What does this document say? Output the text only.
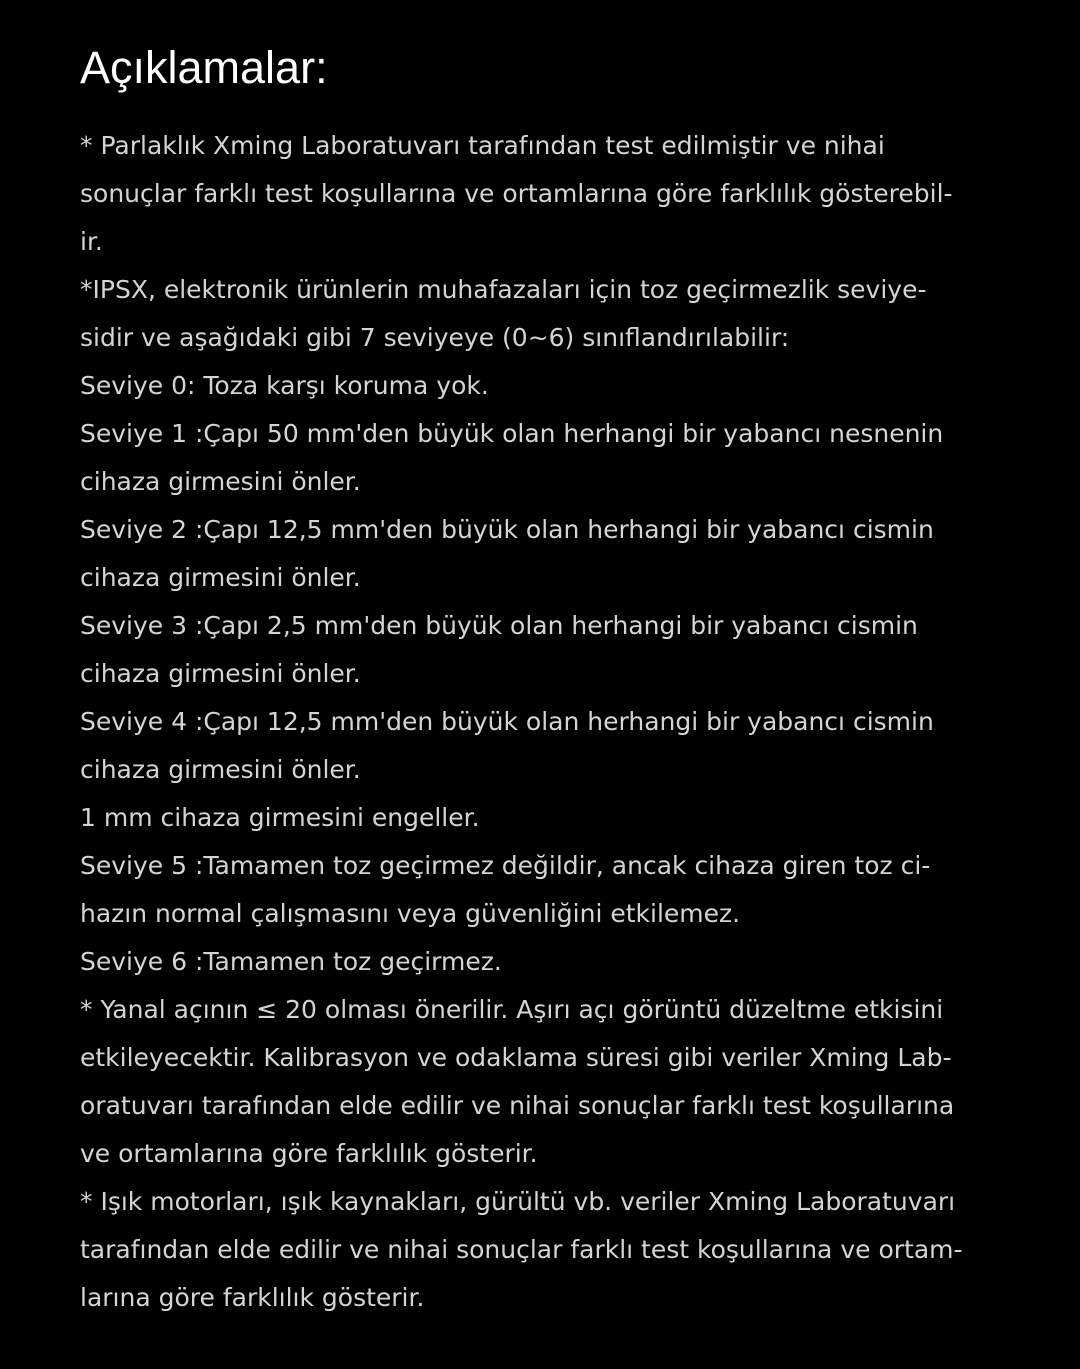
Açıklamalar:
* Parlaklık Xming Laboratuvarı tarafından test edilmiştir ve nihai
sonuçlar farklı test koşullarına ve ortamlarına göre farklılık gösterebil-
ir.
*IPSX, elektronik ürünlerin muhafazaları için toz geçirmezlik seviye-
sidir ve aşağıdaki gibi 7 seviyeye (0~6) sınıflandırılabilir:
Seviye 0: Toza karşı koruma yok.
Seviye 1 :Çapı 50 mm'den büyük olan herhangi bir yabancı nesnenin
cihaza girmesini önler.
Seviye 2 :Çapı 12,5 mm'den büyük olan herhangi bir yabancı cismin
cihaza girmesini önler.
Seviye 3 :Çapı 2,5 mm'den büyük olan herhangi bir yabancı cismin
cihaza girmesini önler.
Seviye 4 :Çapı 12,5 mm'den büyük olan herhangi bir yabancı cismin
cihaza girmesini önler.
1 mm cihaza girmesini engeller.
Seviye 5 :Tamamen toz geçirmez değildir, ancak cihaza giren toz ci-
hazın normal çalışmasını veya güvenliğini etkilemez.
Seviye 6 :Tamamen toz geçirmez.
* Yanal açının ≤ 20 olması önerilir. Aşırı açı görüntü düzeltme etkisini
etkileyecektir. Kalibrasyon ve odaklama süresi gibi veriler Xming Lab-
oratuvarı tarafından elde edilir ve nihai sonuçlar farklı test koşullarına
ve ortamlarına göre farklılık gösterir.
* Işık motorları, ışık kaynakları, gürültü vb. veriler Xming Laboratuvarı
tarafından elde edilir ve nihai sonuçlar farklı test koşullarına ve ortam-
larına göre farklılık gösterir.
